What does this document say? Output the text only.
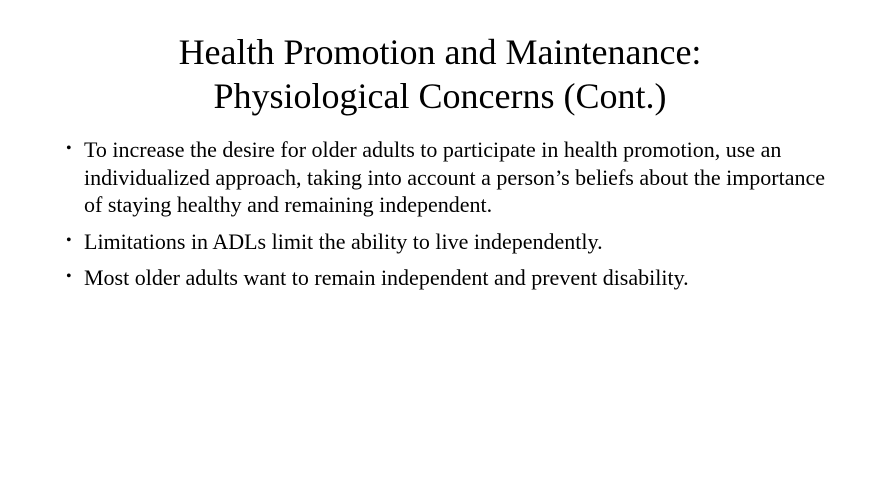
Health Promotion and Maintenance:
Physiological Concerns (Cont.)
• To increase the desire for older adults to participate in health promotion, use an individualized approach, taking into account a person’s beliefs about the importance of staying healthy and remaining independent.
• Limitations in ADLs limit the ability to live independently.
• Most older adults want to remain independent and prevent disability.
